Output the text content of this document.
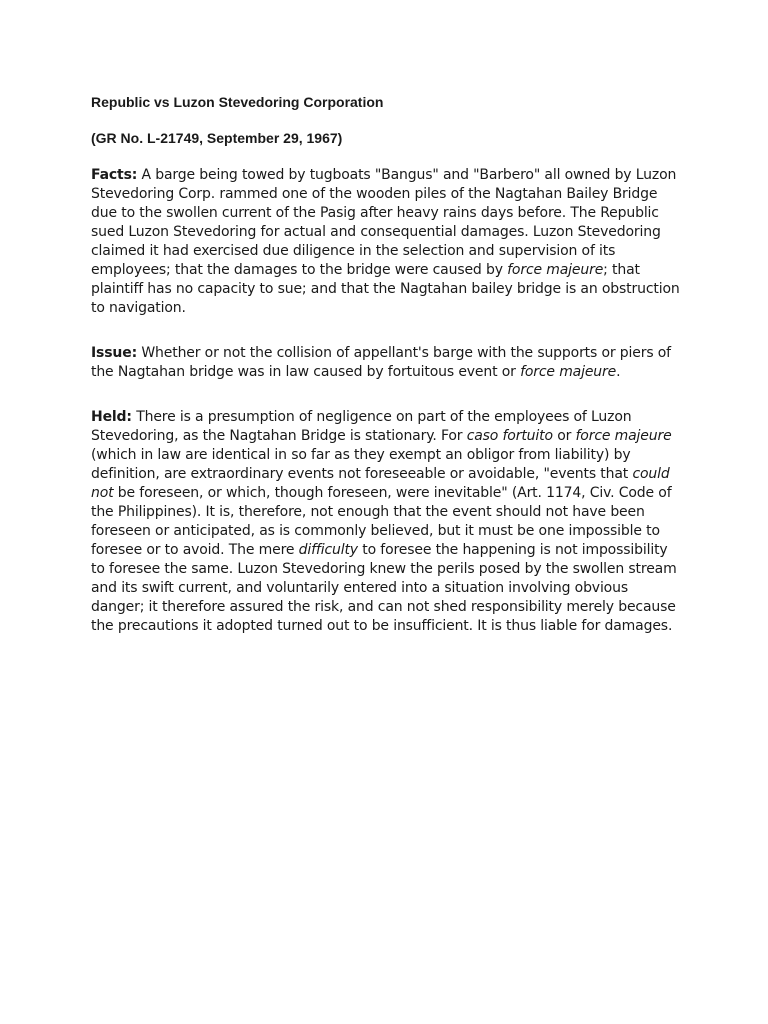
Republic vs Luzon Stevedoring Corporation

(GR No. L-21749, September 29, 1967)

Facts: A barge being towed by tugboats "Bangus" and "Barbero" all owned by Luzon Stevedoring Corp. rammed one of the wooden piles of the Nagtahan Bailey Bridge due to the swollen current of the Pasig after heavy rains days before. The Republic sued Luzon Stevedoring for actual and consequential damages. Luzon Stevedoring claimed it had exercised due diligence in the selection and supervision of its employees; that the damages to the bridge were caused by force majeure; that plaintiff has no capacity to sue; and that the Nagtahan bailey bridge is an obstruction to navigation.

Issue: Whether or not the collision of appellant's barge with the supports or piers of the Nagtahan bridge was in law caused by fortuitous event or force majeure.

Held: There is a presumption of negligence on part of the employees of Luzon Stevedoring, as the Nagtahan Bridge is stationary. For caso fortuito or force majeure (which in law are identical in so far as they exempt an obligor from liability) by definition, are extraordinary events not foreseeable or avoidable, "events that could not be foreseen, or which, though foreseen, were inevitable" (Art. 1174, Civ. Code of the Philippines). It is, therefore, not enough that the event should not have been foreseen or anticipated, as is commonly believed, but it must be one impossible to foresee or to avoid. The mere difficulty to foresee the happening is not impossibility to foresee the same. Luzon Stevedoring knew the perils posed by the swollen stream and its swift current, and voluntarily entered into a situation involving obvious danger; it therefore assured the risk, and can not shed responsibility merely because the precautions it adopted turned out to be insufficient. It is thus liable for damages.
